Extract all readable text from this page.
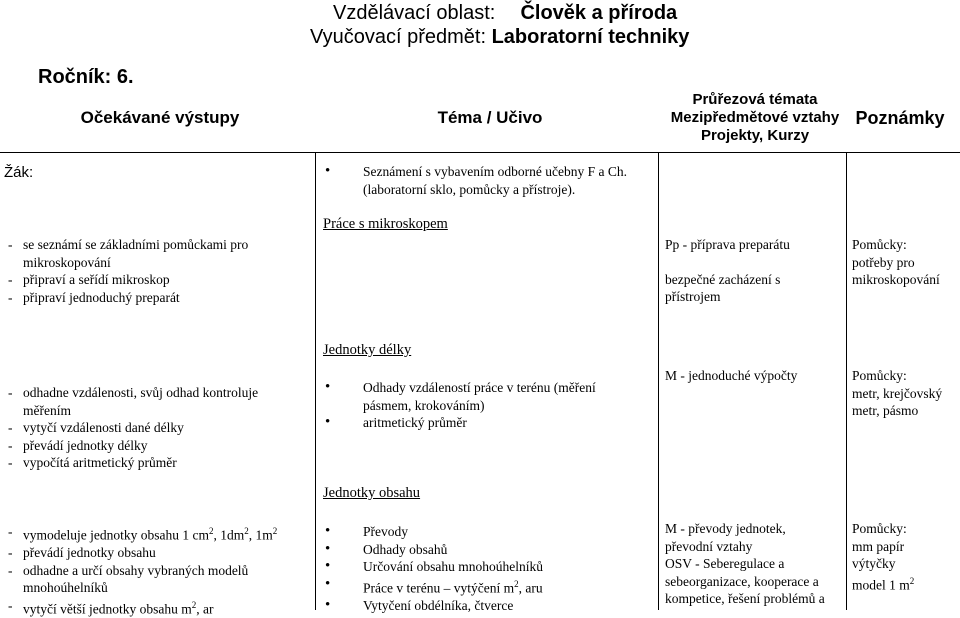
Vzdělávací oblast: Člověk a příroda
Vyučovací předmět: Laboratorní techniky
Ročník: 6.
Očekávané výstupy	Téma / Učivo
Průřezová témata
Mezipředmětové vztahy
Projekty, Kurzy
Poznámky
Žák:
•	Seznámení s vybavením odborné učebny F a Ch.
(laboratorní sklo, pomůcky a přístroje).
Práce s mikroskopem
- se seznámí se základními pomůckami pro mikroskopování
- připraví a seřídí mikroskop
- připraví jednoduchý preparát
Pp - příprava preparátu
bezpečné zacházení s přístrojem
Pomůcky:
potřeby pro mikroskopování
Jednotky délky
- odhadne vzdálenosti, svůj odhad kontroluje měřením
- vytyčí vzdálenosti dané délky
- převádí jednotky délky
- vypočítá aritmetický průměr
• Odhady vzdáleností práce v terénu (měření pásmem, krokováním)
• aritmetický průměr
M - jednoduché výpočty	Pomůcky:
metr, krejčovský metr, pásmo
Jednotky obsahu
- vymodeluje jednotky obsahu 1 $cm^2$, $1dm^2$, $1m^2$
- převádí jednotky obsahu
- odhadne a určí obsahy vybraných modelů mnohoúhelníků
- vytyčí větší jednotky obsahu $m^2$, ar
• Převody
• Odhady obsahů
• Určování obsahu mnohoúhelníků
• Práce v terénu – vytýčení $m^2$, aru
• Vytyčení obdélníka, čtverce
M - převody jednotek,
převodní vztahy
OSV - Seberegulace a
sebeorganizace, kooperace a
kompetice, řešení problémů a
Pomůcky:
mm papír
výtyčky
model 1 $m^2$
